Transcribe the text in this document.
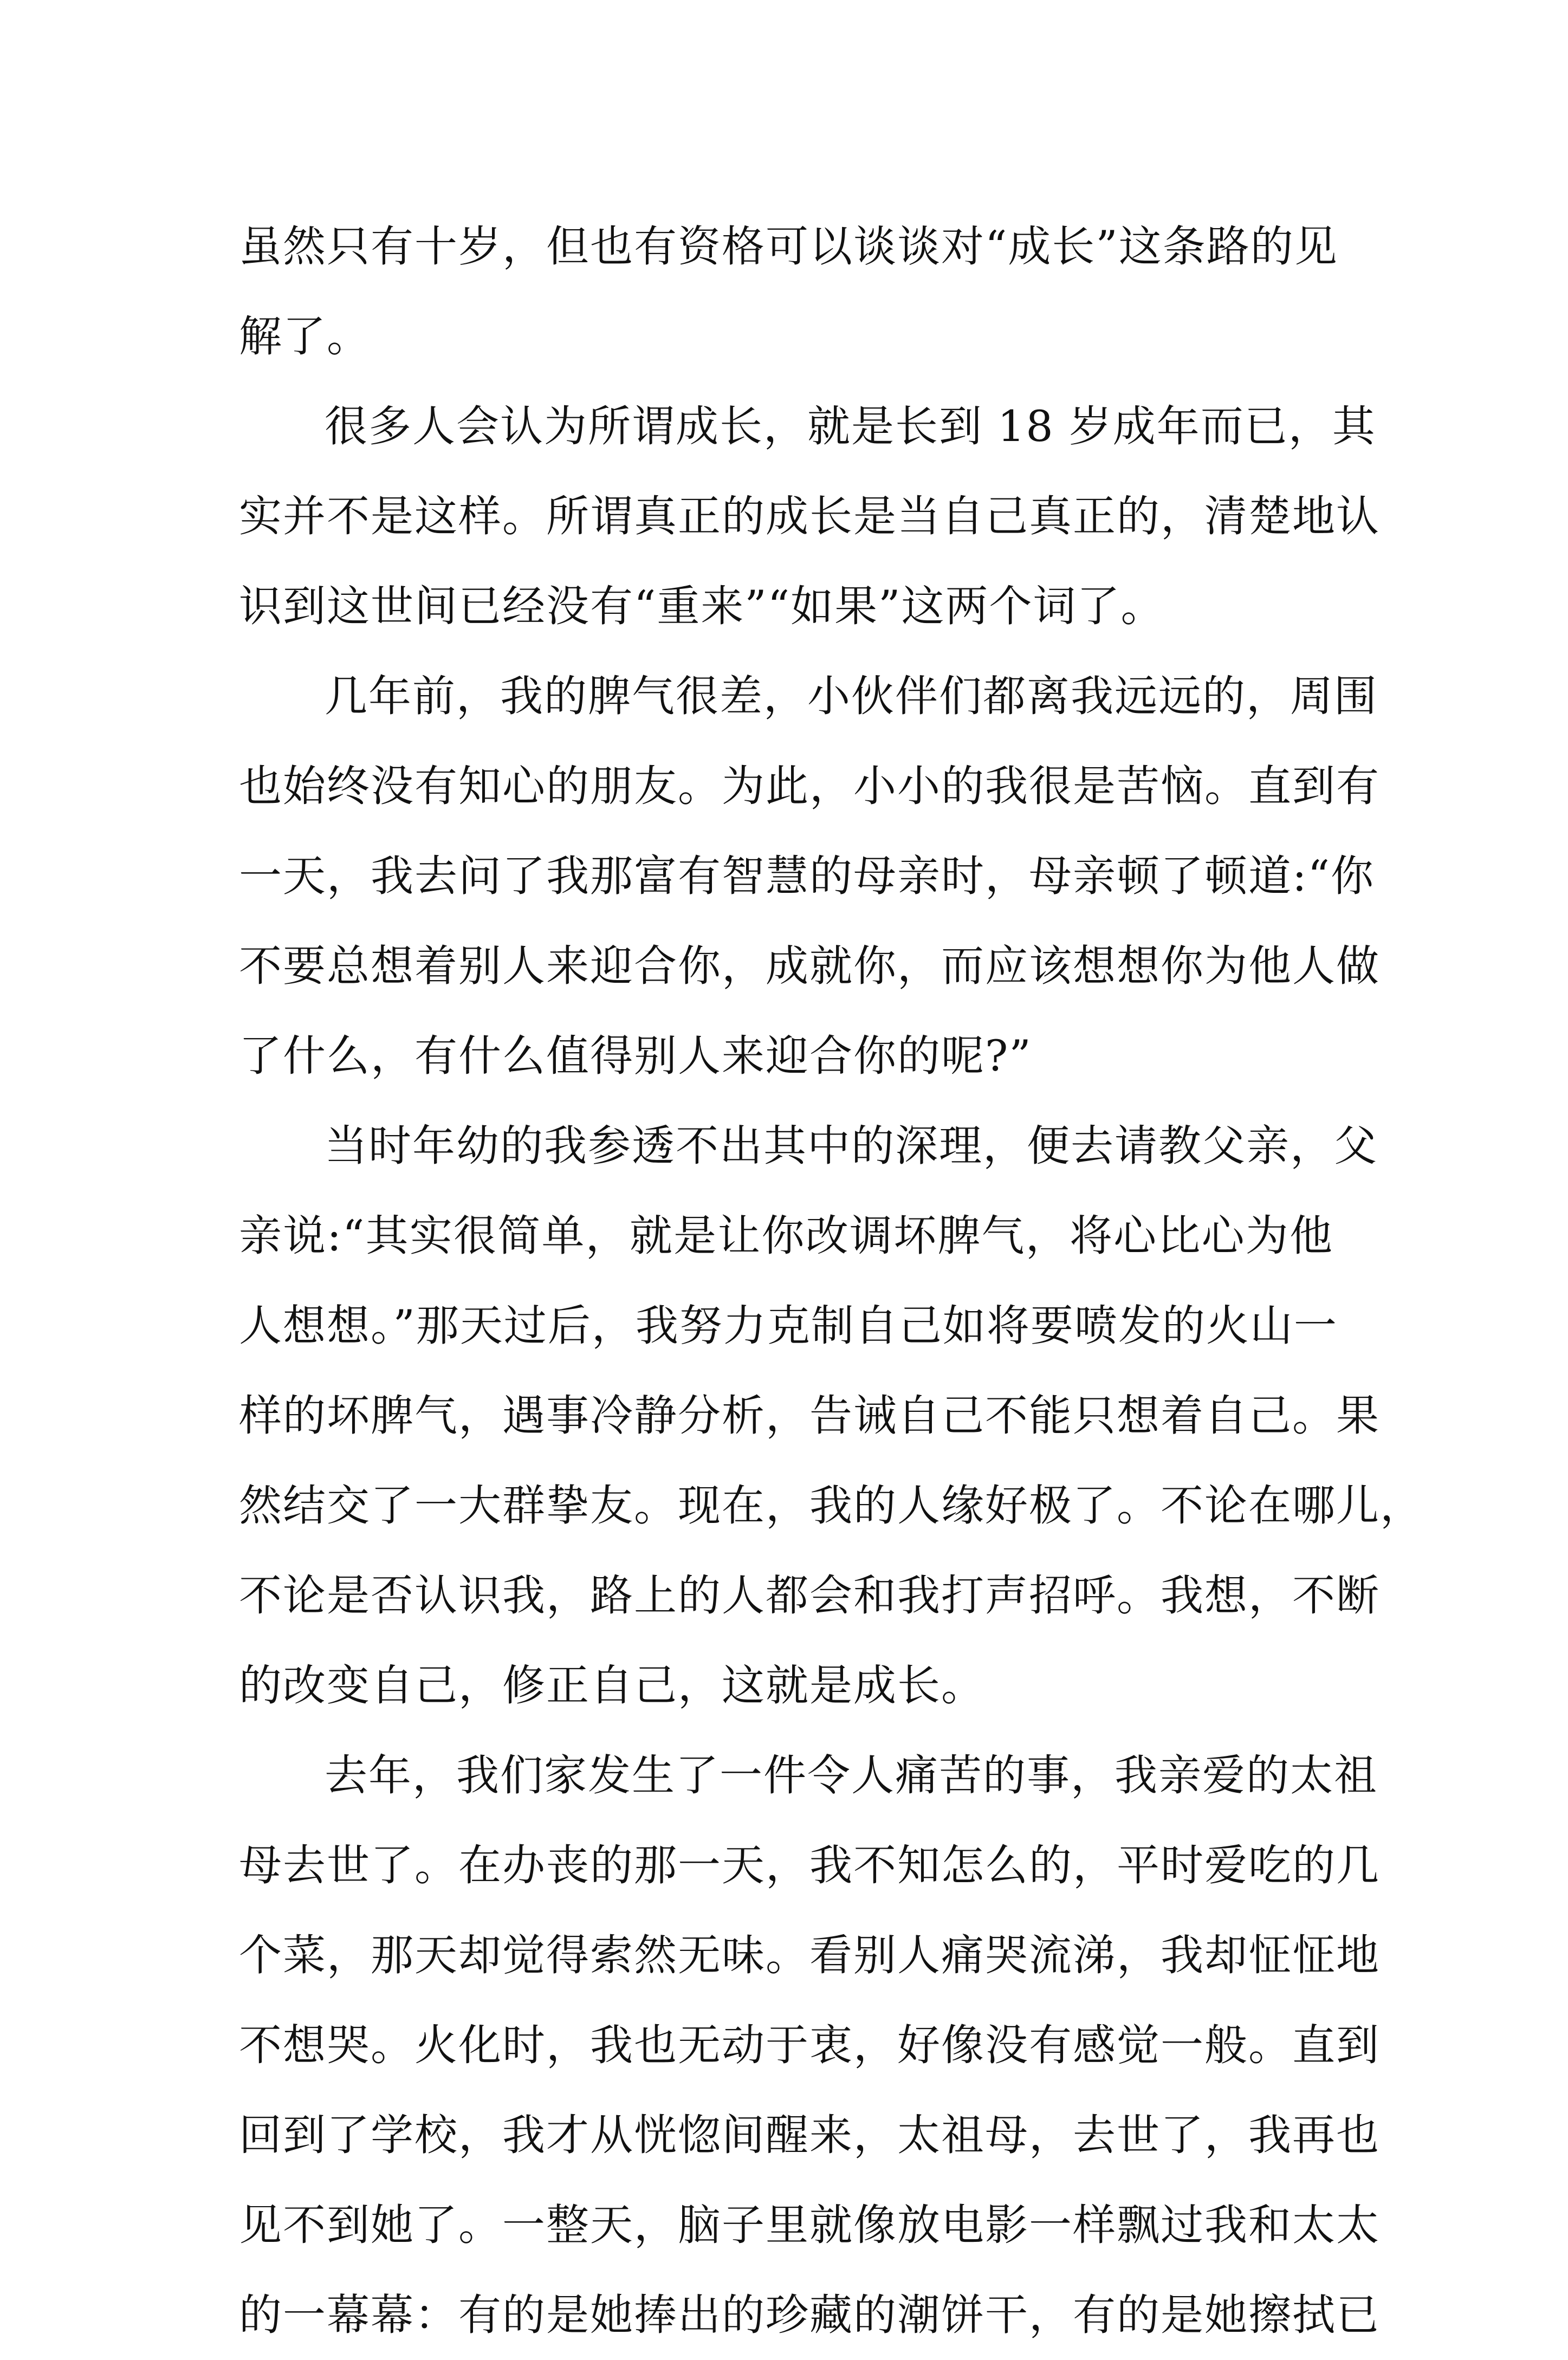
虽然只有十岁，但也有资格可以谈谈对“成长”这条路的见
解了。
很多人会认为所谓成长，就是长到 18 岁成年而已，其
实并不是这样。所谓真正的成长是当自己真正的，清楚地认
识到这世间已经没有“重来”“如果”这两个词了。
几年前，我的脾气很差，小伙伴们都离我远远的，周围
也始终没有知心的朋友。为此，小小的我很是苦恼。直到有
一天，我去问了我那富有智慧的母亲时，母亲顿了顿道:“你
不要总想着别人来迎合你，成就你，而应该想想你为他人做
了什么，有什么值得别人来迎合你的呢?”
当时年幼的我参透不出其中的深理，便去请教父亲，父
亲说:“其实很简单，就是让你改调坏脾气，将心比心为他
人想想。”那天过后，我努力克制自己如将要喷发的火山一
样的坏脾气，遇事冷静分析，告诫自己不能只想着自己。果
然结交了一大群挚友。现在，我的人缘好极了。不论在哪儿，
不论是否认识我，路上的人都会和我打声招呼。我想，不断
的改变自己，修正自己，这就是成长。
去年，我们家发生了一件令人痛苦的事，我亲爱的太祖
母去世了。在办丧的那一天，我不知怎么的，平时爱吃的几
个菜，那天却觉得索然无味。看别人痛哭流涕，我却怔怔地
不想哭。火化时，我也无动于衷，好像没有感觉一般。直到
回到了学校，我才从恍惚间醒来，太祖母，去世了，我再也
见不到她了。一整天，脑子里就像放电影一样飘过我和太太
的一幕幕：有的是她捧出的珍藏的潮饼干，有的是她擦拭已
